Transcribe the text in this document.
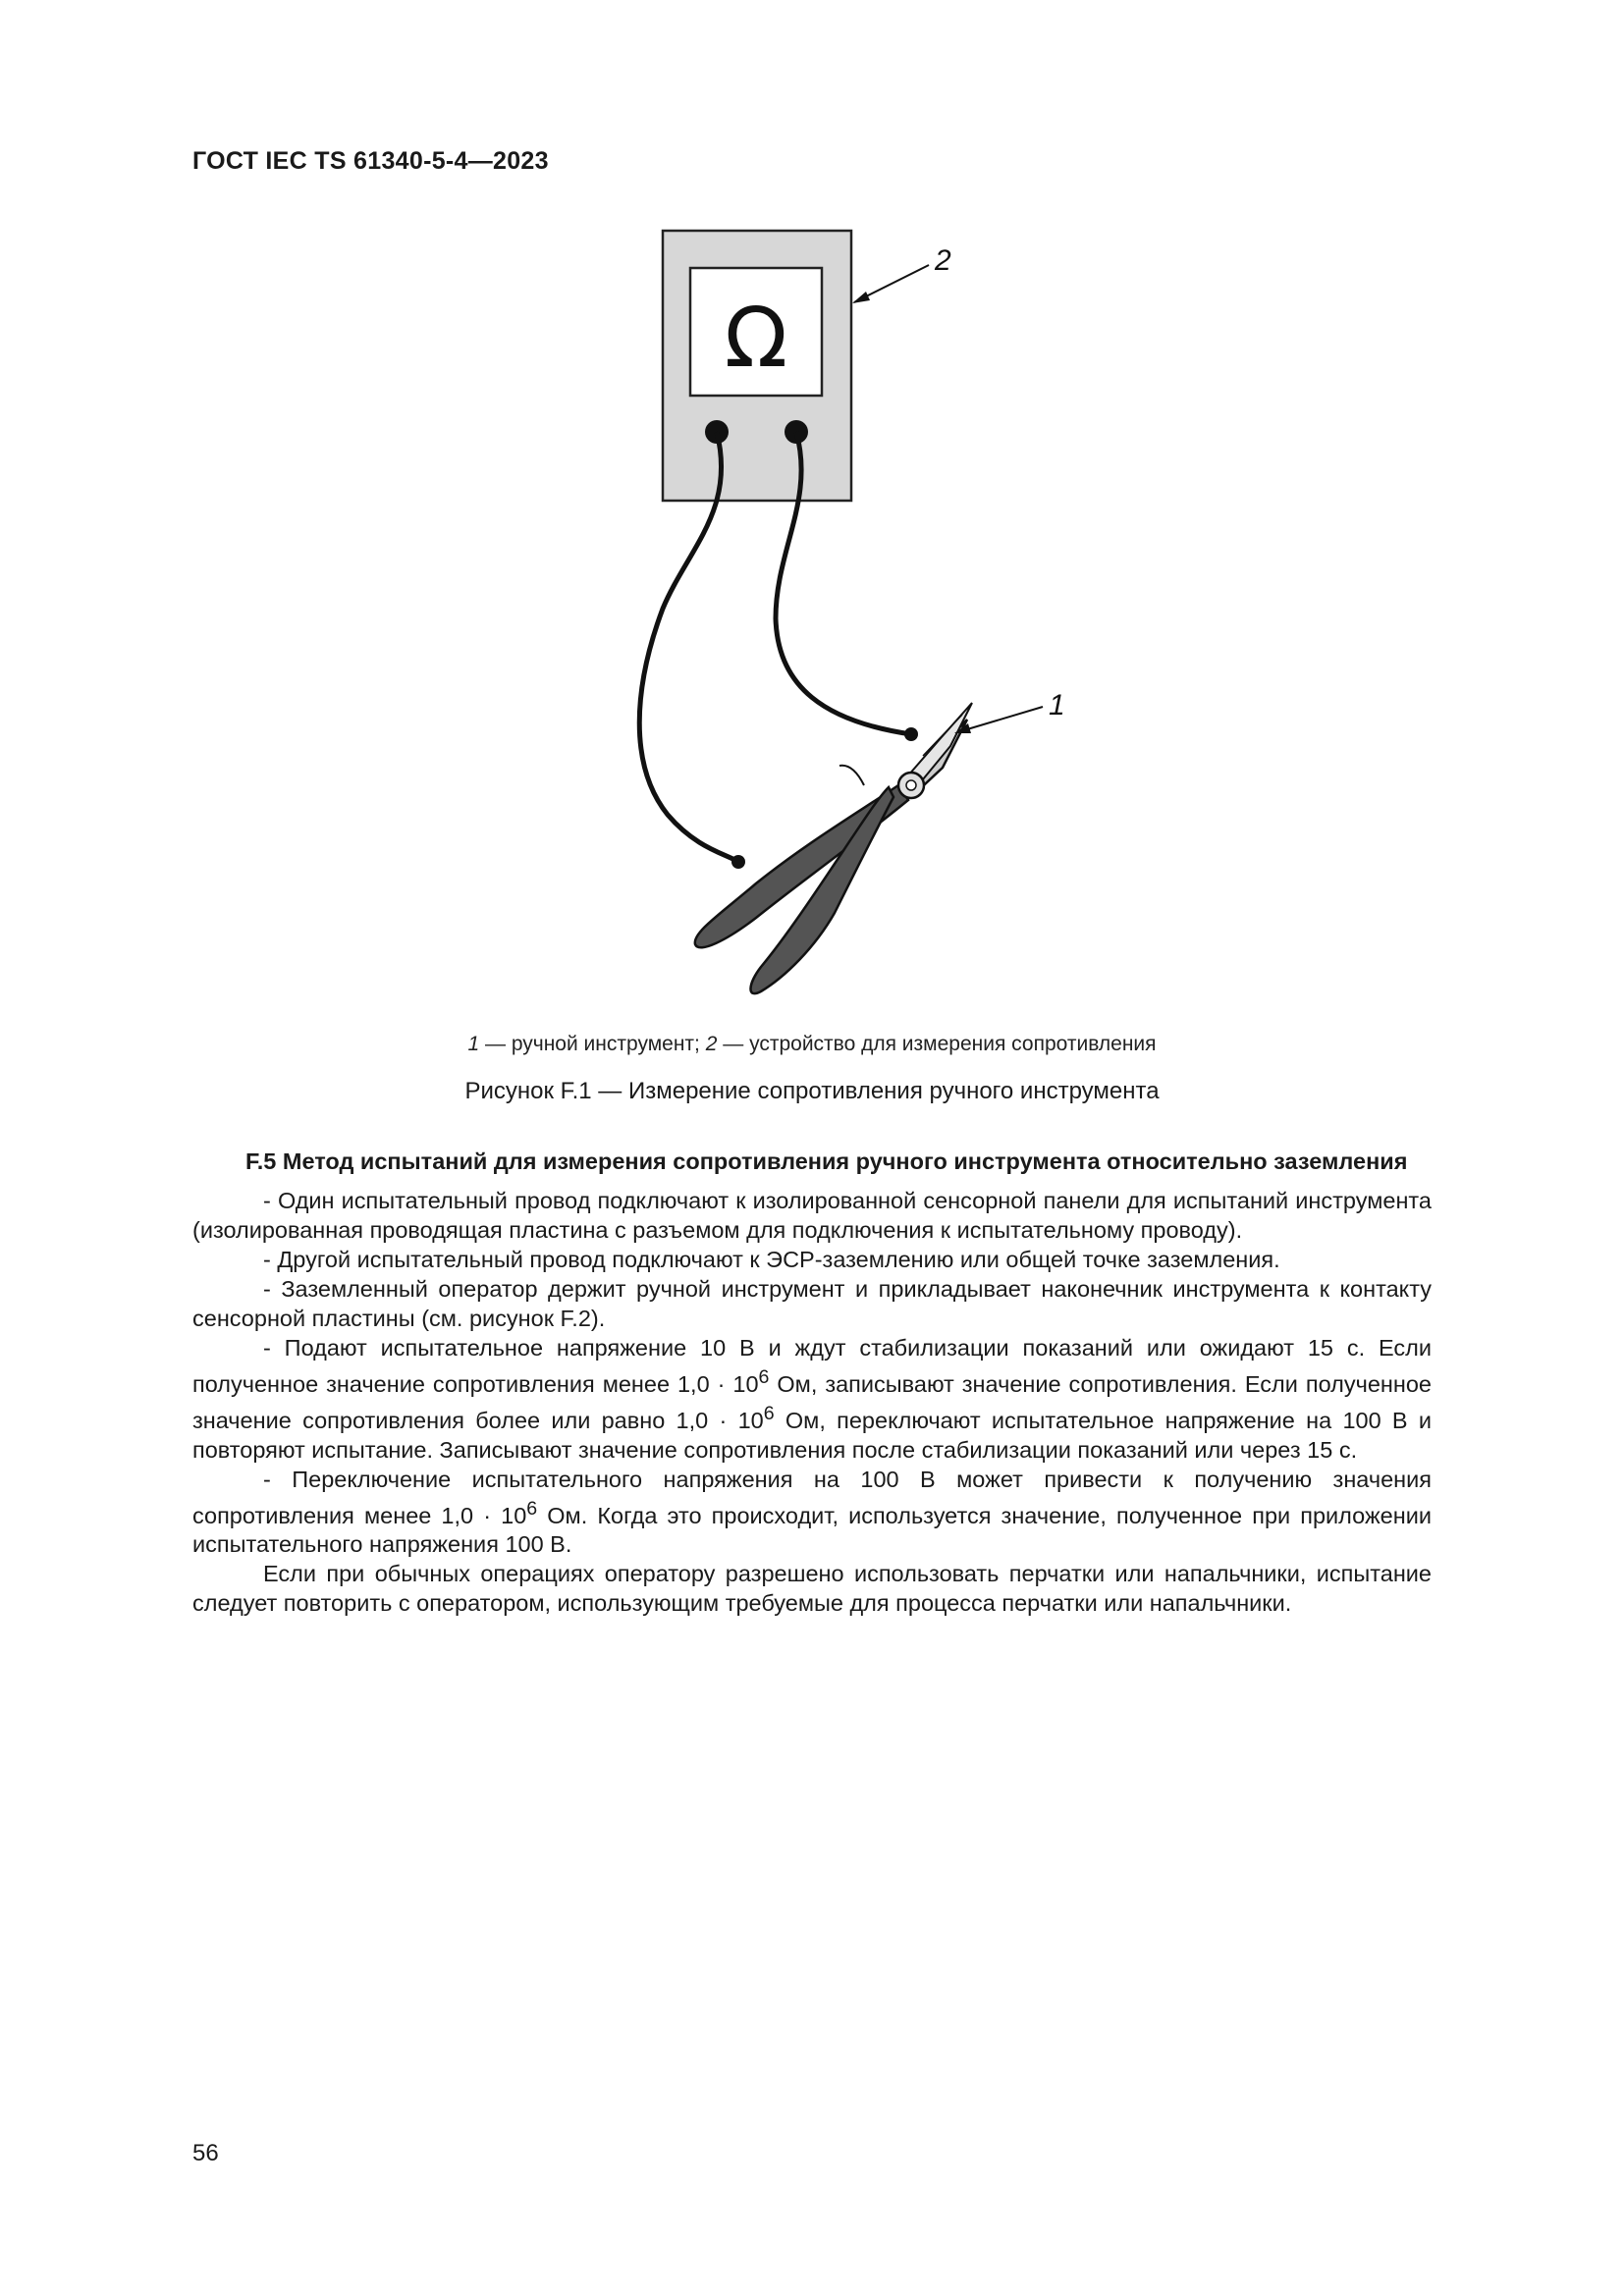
ГОСТ IEC TS 61340-5-4—2023
Ω
2
1
1 — ручной инструмент; 2 — устройство для измерения сопротивления
Рисунок F.1 — Измерение сопротивления ручного инструмента
F.5 Метод испытаний для измерения сопротивления ручного инструмента относительно заземления

- Один испытательный провод подключают к изолированной сенсорной панели для испытаний инструмента (изолированная проводящая пластина с разъемом для подключения к испытательному проводу).

- Другой испытательный провод подключают к ЭСР-заземлению или общей точке заземления.

- Заземленный оператор держит ручной инструмент и прикладывает наконечник инструмента к контакту сенсорной пластины (см. рисунок F.2).

- Подают испытательное напряжение 10 В и ждут стабилизации показаний или ожидают 15 с. Если полученное значение сопротивления менее $1,0 \cdot 10^6$ Ом, записывают значение сопротивления. Если полученное значение сопротивления более или равно $1,0 \cdot 10^6$ Ом, переключают испытательное напряжение на 100 В и повторяют испытание. Записывают значение сопротивления после стабилизации показаний или через 15 с.

- Переключение испытательного напряжения на 100 В может привести к получению значения сопротивления менее $1,0 \cdot 10^6$ Ом. Когда это происходит, используется значение, полученное при приложении испытательного напряжения 100 В.

Если при обычных операциях оператору разрешено использовать перчатки или напальчники, испытание следует повторить с оператором, использующим требуемые для процесса перчатки или напальчники.

56
